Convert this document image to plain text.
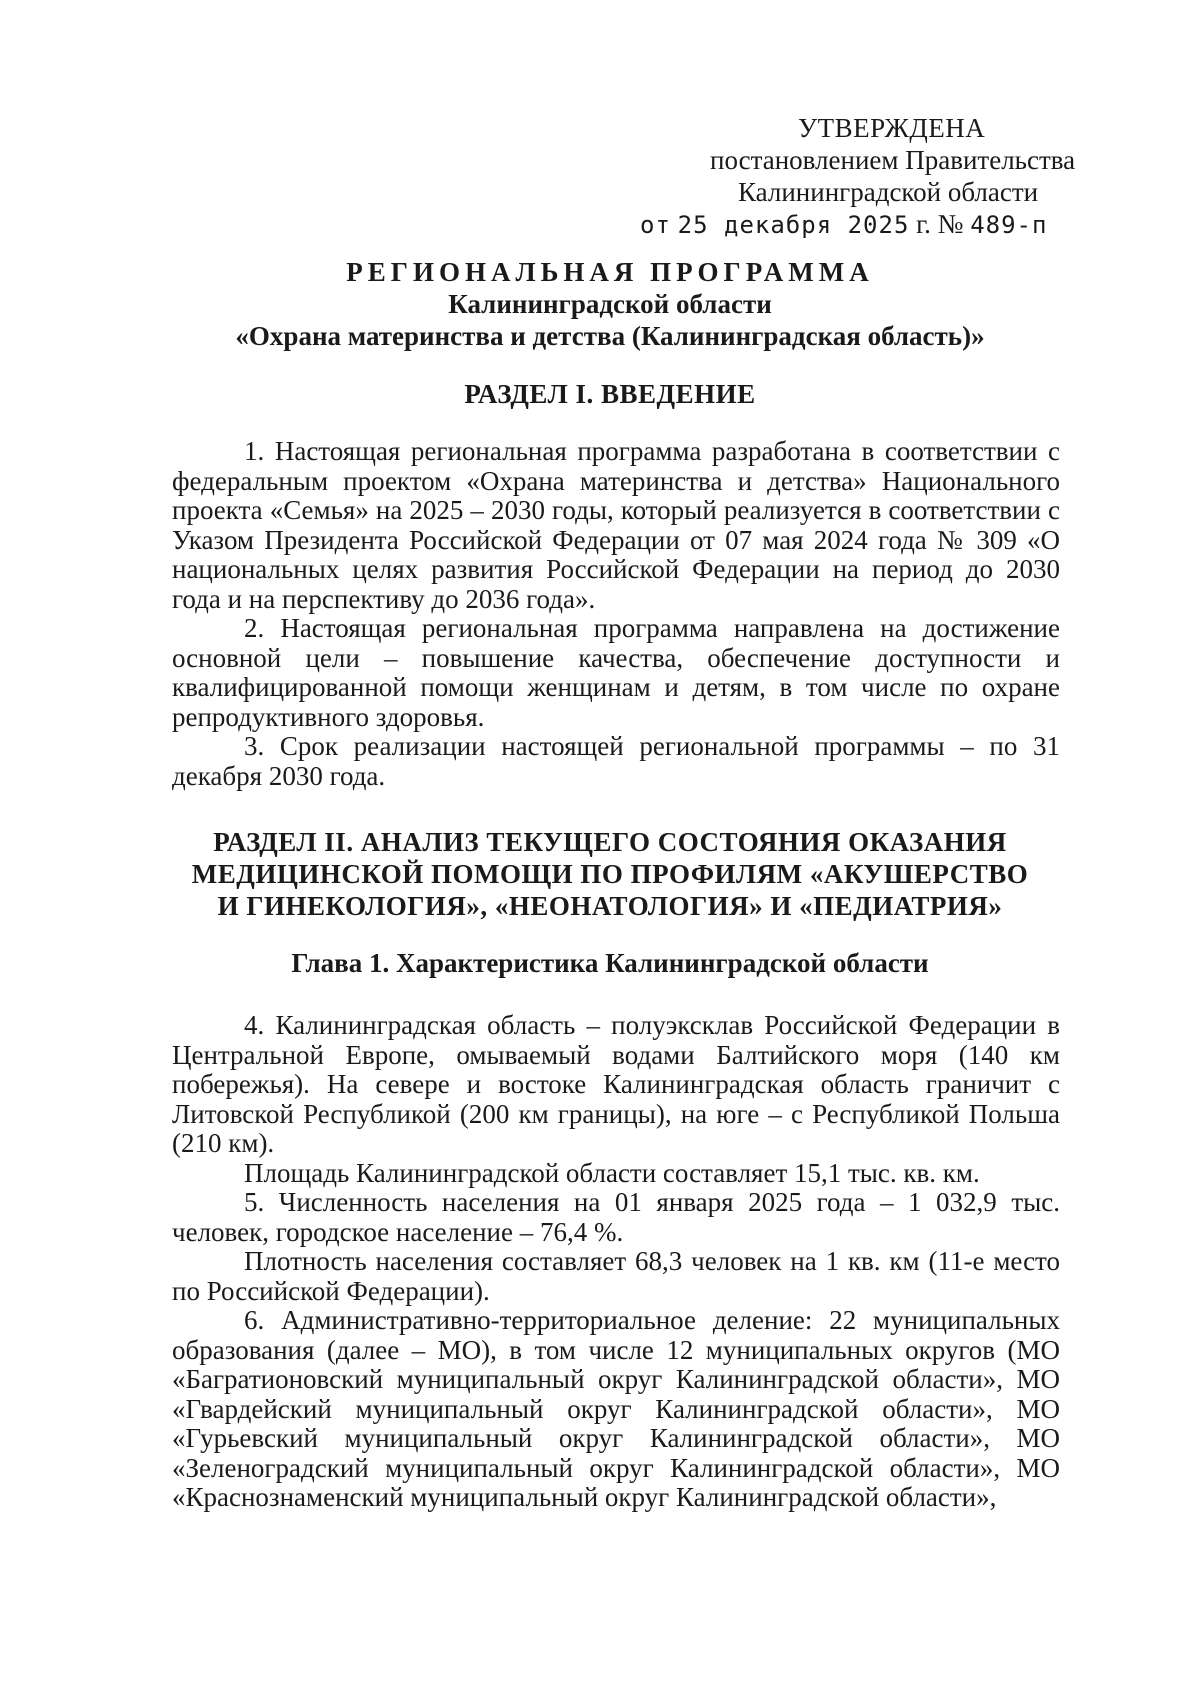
УТВЕРЖДЕНА
постановлением Правительства
Калининградской области
от 25 декабря 2025 г. № 489-п
РЕГИОНАЛЬНАЯ ПРОГРАММА
Калининградской области
«Охрана материнства и детства (Калининградская область)»
РАЗДЕЛ I. ВВЕДЕНИЕ

1. Настоящая региональная программа разработана в соответствии с федеральным проектом «Охрана материнства и детства» Национального проекта «Семья» на 2025 – 2030 годы, который реализуется в соответствии с Указом Президента Российской Федерации от 07 мая 2024 года № 309 «О национальных целях развития Российской Федерации на период до 2030 года и на перспективу до 2036 года».

2. Настоящая региональная программа направлена на достижение основной цели – повышение качества, обеспечение доступности и квалифицированной помощи женщинам и детям, в том числе по охране репродуктивного здоровья.

3. Срок реализации настоящей региональной программы – по 31 декабря 2030 года.

РАЗДЕЛ II. АНАЛИЗ ТЕКУЩЕГО СОСТОЯНИЯ ОКАЗАНИЯ
МЕДИЦИНСКОЙ ПОМОЩИ ПО ПРОФИЛЯМ «АКУШЕРСТВО
И ГИНЕКОЛОГИЯ», «НЕОНАТОЛОГИЯ» И «ПЕДИАТРИЯ»
Глава 1. Характеристика Калининградской области

4. Калининградская область – полуэксклав Российской Федерации в Центральной Европе, омываемый водами Балтийского моря (140 км побережья). На севере и востоке Калининградская область граничит с Литовской Республикой (200 км границы), на юге – с Республикой Польша (210 км).

Площадь Калининградской области составляет 15,1 тыс. кв. км.

5. Численность населения на 01 января 2025 года – 1 032,9 тыс. человек, городское население – 76,4 %.

Плотность населения составляет 68,3 человек на 1 кв. км (11-е место по Российской Федерации).

6. Административно-территориальное деление: 22 муниципальных образования (далее – МО), в том числе 12 муниципальных округов (МО «Багратионовский муниципальный округ Калининградской области», МО «Гвардейский муниципальный округ Калининградской области», МО «Гурьевский муниципальный округ Калининградской области», МО «Зеленоградский муниципальный округ Калининградской области», МО «Краснознаменский муниципальный округ Калининградской области»,
